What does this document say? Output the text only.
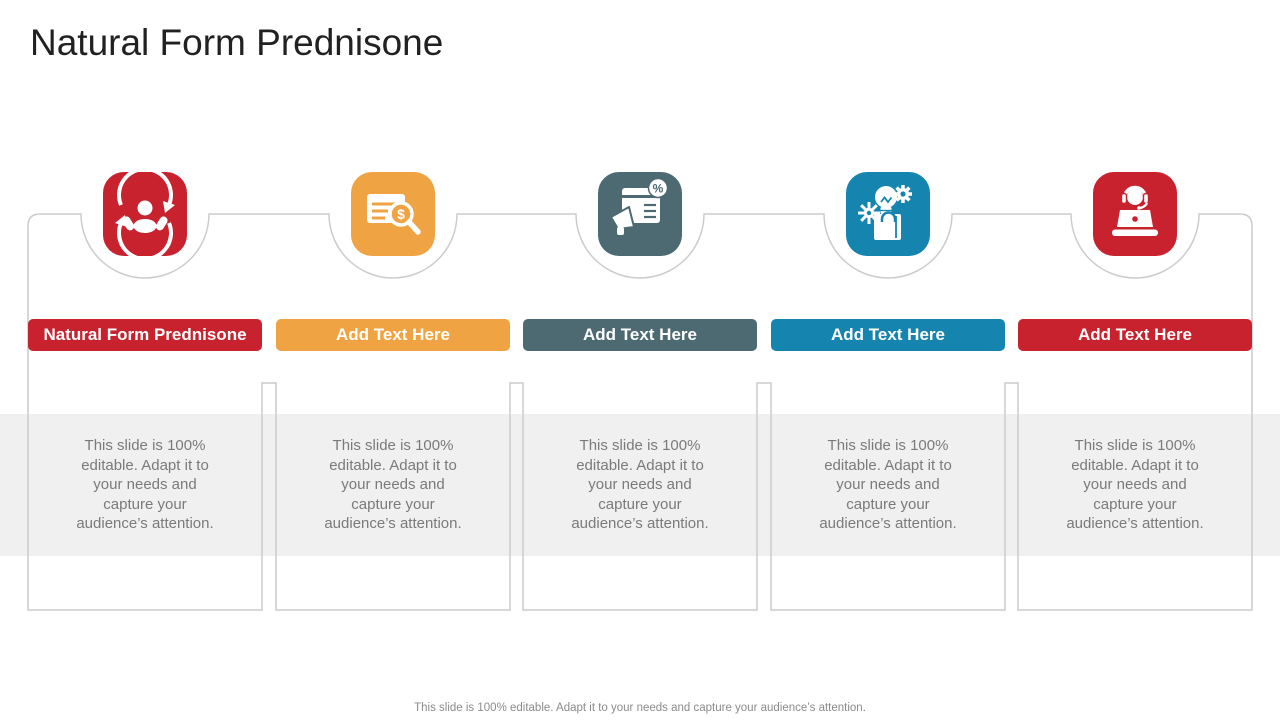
Natural Form Prednisone
$
%
Natural Form Prednisone	Add Text Here	Add Text Here	Add Text Here	Add Text Here
This slide is 100% editable. Adapt it to your needs and capture your audience’s attention.
This slide is 100% editable. Adapt it to your needs and capture your audience’s attention.
This slide is 100% editable. Adapt it to your needs and capture your audience’s attention.
This slide is 100% editable. Adapt it to your needs and capture your audience’s attention.
This slide is 100% editable. Adapt it to your needs and capture your audience’s attention.
This slide is 100% editable. Adapt it to your needs and capture your audience’s attention.
